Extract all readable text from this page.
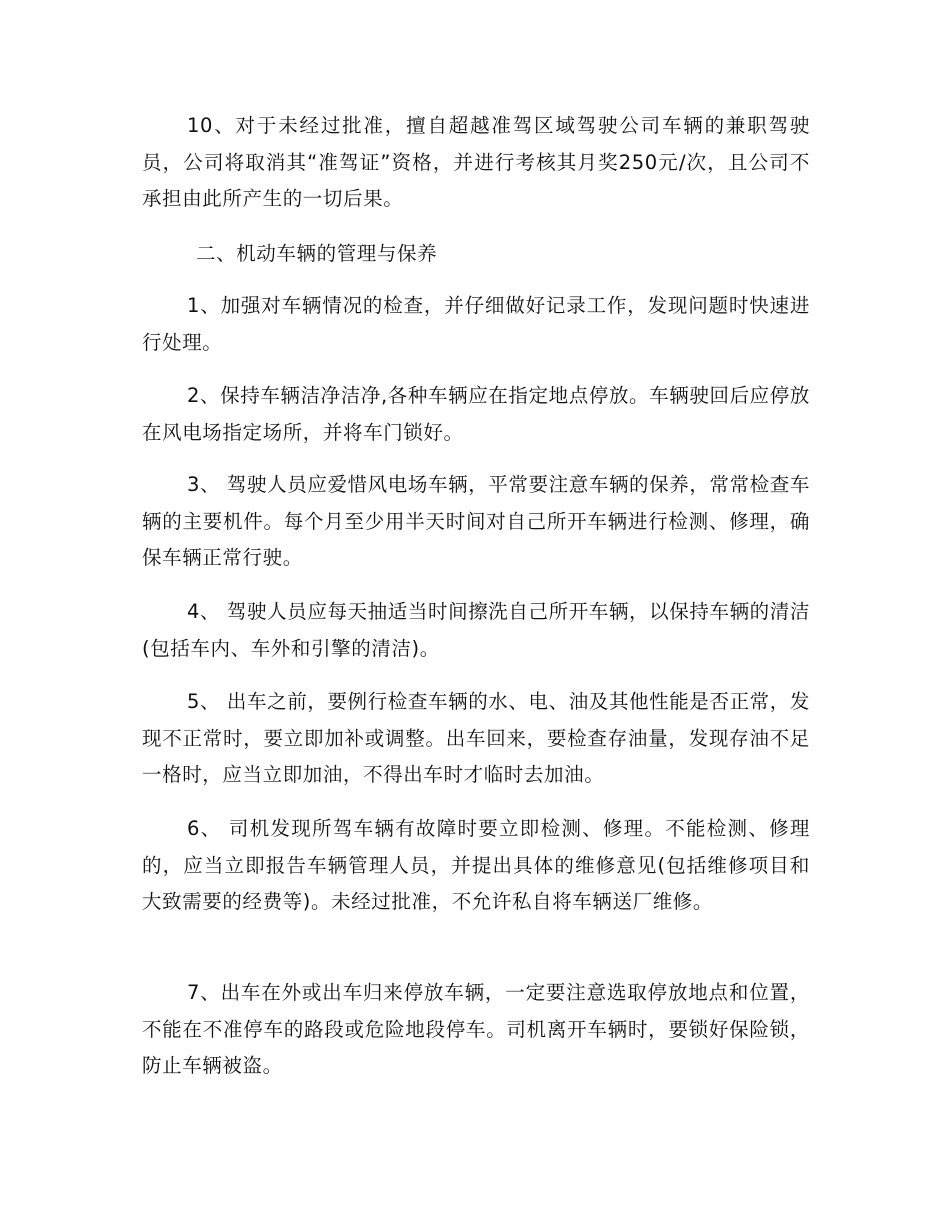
10、对于未经过批准，擅自超越准驾区域驾驶公司车辆的兼职驾驶员，公司将取消其“准驾证”资格，并进行考核其月奖250元/次，且公司不承担由此所产生的一切后果。

二、机动车辆的管理与保养

1、加强对车辆情况的检查，并仔细做好记录工作，发现问题时快速进行处理。

2、保持车辆洁净洁净,各种车辆应在指定地点停放。车辆驶回后应停放在风电场指定场所，并将车门锁好。

3、 驾驶人员应爱惜风电场车辆，平常要注意车辆的保养，常常检查车辆的主要机件。每个月至少用半天时间对自己所开车辆进行检测、修理，确保车辆正常行驶。

4、 驾驶人员应每天抽适当时间擦洗自己所开车辆，以保持车辆的清洁(包括车内、车外和引擎的清洁)。

5、 出车之前，要例行检查车辆的水、电、油及其他性能是否正常，发现不正常时，要立即加补或调整。出车回来，要检查存油量，发现存油不足一格时，应当立即加油，不得出车时才临时去加油。

6、 司机发现所驾车辆有故障时要立即检测、修理。不能检测、修理的，应当立即报告车辆管理人员，并提出具体的维修意见(包括维修项目和大致需要的经费等)。未经过批准，不允许私自将车辆送厂维修。

7、出车在外或出车归来停放车辆，一定要注意选取停放地点和位置，不能在不准停车的路段或危险地段停车。司机离开车辆时，要锁好保险锁，防止车辆被盗。
